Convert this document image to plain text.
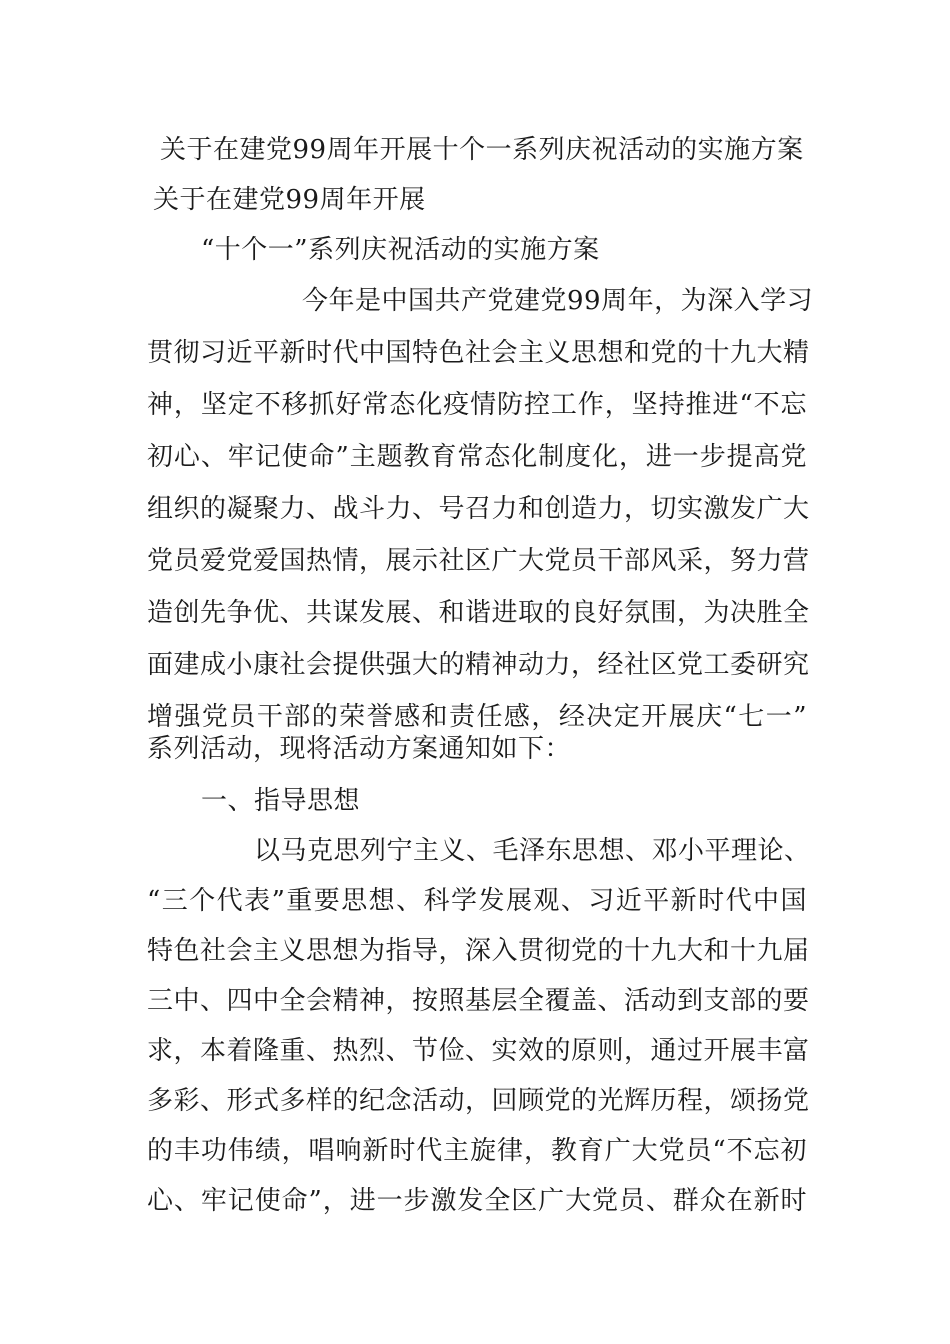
关于在建党99周年开展十个一系列庆祝活动的实施方案
关于在建党99周年开展
“十个一”系列庆祝活动的实施方案
今年是中国共产党建党99周年，为深入学习
贯彻习近平新时代中国特色社会主义思想和党的十九大精
神，坚定不移抓好常态化疫情防控工作，坚持推进“不忘
初心、牢记使命”主题教育常态化制度化，进一步提高党
组织的凝聚力、战斗力、号召力和创造力，切实激发广大
党员爱党爱国热情，展示社区广大党员干部风采，努力营
造创先争优、共谋发展、和谐进取的良好氛围，为决胜全
面建成小康社会提供强大的精神动力，经社区党工委研究
增强党员干部的荣誉感和责任感，经决定开展庆“七一”
系列活动，现将活动方案通知如下：
一、指导思想
以马克思列宁主义、毛泽东思想、邓小平理论、
“三个代表”重要思想、科学发展观、习近平新时代中国
特色社会主义思想为指导，深入贯彻党的十九大和十九届
三中、四中全会精神，按照基层全覆盖、活动到支部的要
求，本着隆重、热烈、节俭、实效的原则，通过开展丰富
多彩、形式多样的纪念活动，回顾党的光辉历程，颂扬党
的丰功伟绩，唱响新时代主旋律，教育广大党员“不忘初
心、牢记使命”，进一步激发全区广大党员、群众在新时
